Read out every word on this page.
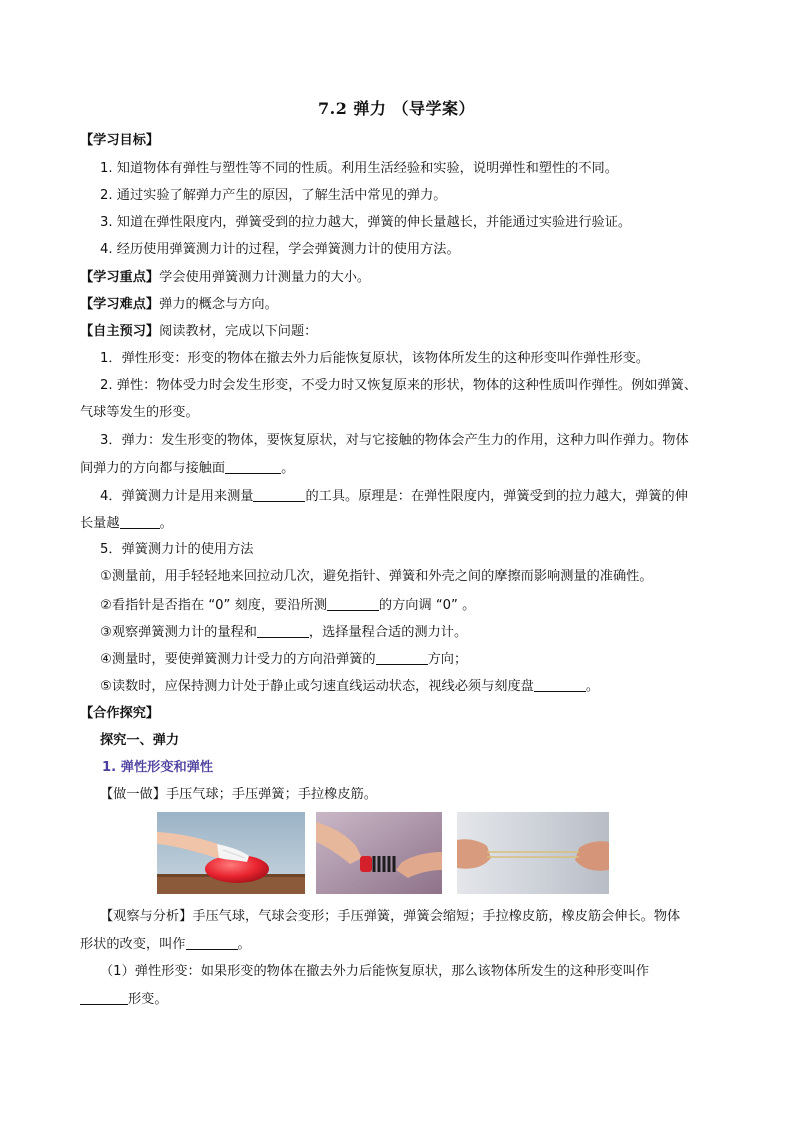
7.2 弹力 （导学案）
【学习目标】
1. 知道物体有弹性与塑性等不同的性质。利用生活经验和实验，说明弹性和塑性的不同。
2. 通过实验了解弹力产生的原因，了解生活中常见的弹力。
3. 知道在弹性限度内，弹簧受到的拉力越大，弹簧的伸长量越长，并能通过实验进行验证。
4. 经历使用弹簧测力计的过程，学会弹簧测力计的使用方法。
【学习重点】学会使用弹簧测力计测量力的大小。
【学习难点】弹力的概念与方向。
【自主预习】阅读教材，完成以下问题：
1．弹性形变：形变的物体在撤去外力后能恢复原状，该物体所发生的这种形变叫作弹性形变。
2. 弹性：物体受力时会发生形变，不受力时又恢复原来的形状，物体的这种性质叫作弹性。例如弹簧、
气球等发生的形变。
3．弹力：发生形变的物体，要恢复原状，对与它接触的物体会产生力的作用，这种力叫作弹力。物体
间弹力的方向都与接触面	。
4．弹簧测力计是用来测量	的工具。原理是：在弹性限度内，弹簧受到的拉力越大，弹簧的伸
长量越	。
5．弹簧测力计的使用方法
①测量前，用手轻轻地来回拉动几次，避免指针、弹簧和外壳之间的摩擦而影响测量的准确性。
②看指针是否指在 “0” 刻度，要沿所测	的方向调 “0” 。
③观察弹簧测力计的量程和	，选择量程合适的测力计。
④测量时，要使弹簧测力计受力的方向沿弹簧的	方向；
⑤读数时，应保持测力计处于静止或匀速直线运动状态，视线必须与刻度盘	。
【合作探究】
探究一、弹力
1. 弹性形变和弹性
【做一做】手压气球；手压弹簧；手拉橡皮筋。
【观察与分析】手压气球，气球会变形；手压弹簧，弹簧会缩短；手拉橡皮筋，橡皮筋会伸长。物体
形状的改变，叫作	。
（1）弹性形变：如果形变的物体在撤去外力后能恢复原状，那么该物体所发生的这种形变叫作
形变。
